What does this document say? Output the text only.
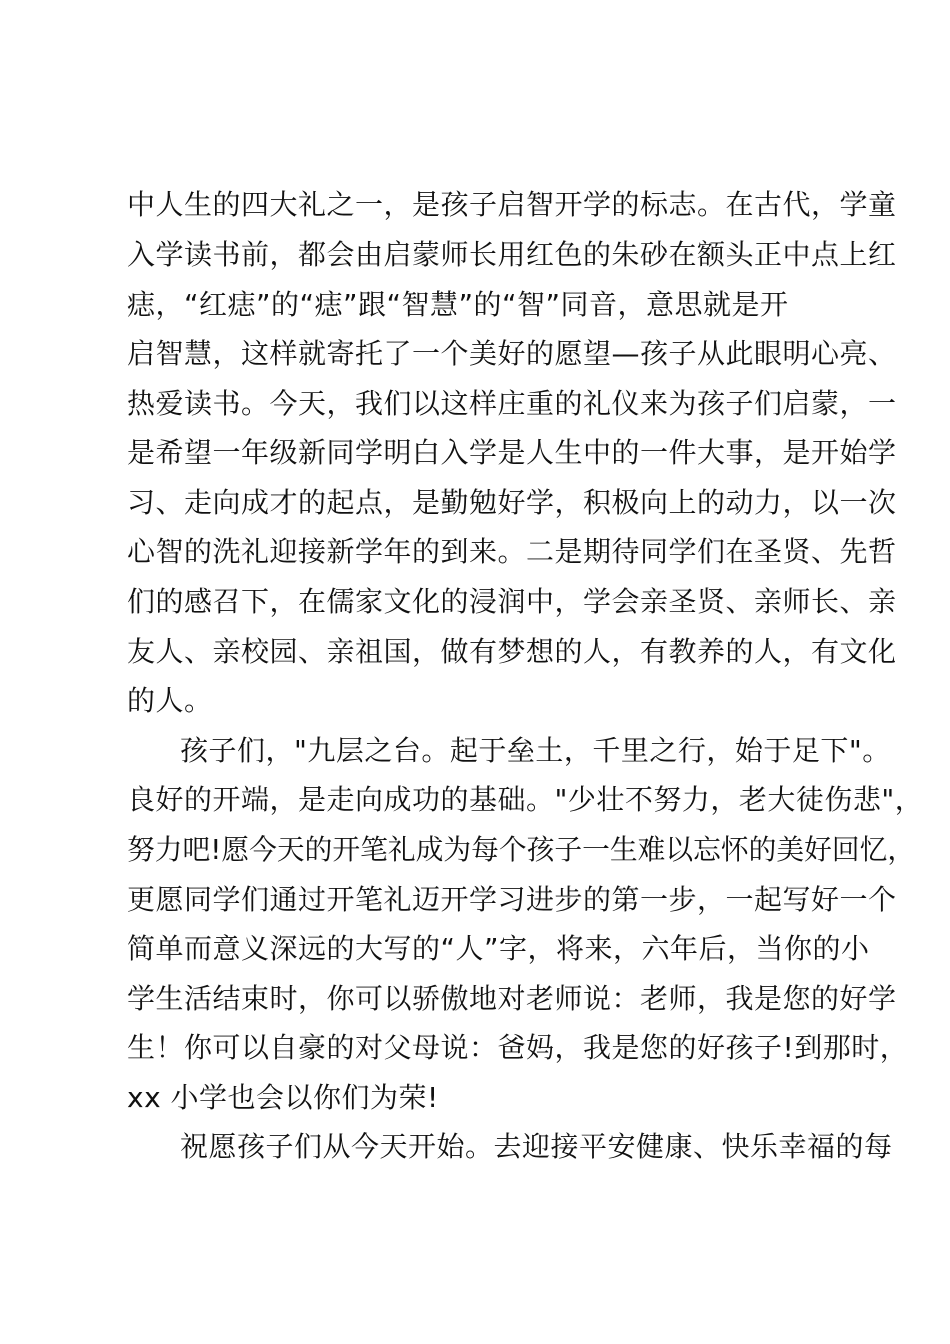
中人生的四大礼之一，是孩子启智开学的标志。在古代，学童
入学读书前，都会由启蒙师长用红色的朱砂在额头正中点上红
痣，“红痣”的“痣”跟“智慧”的“智”同音，意思就是开
启智慧，这样就寄托了一个美好的愿望—孩子从此眼明心亮、
热爱读书。今天，我们以这样庄重的礼仪来为孩子们启蒙，一
是希望一年级新同学明白入学是人生中的一件大事，是开始学
习、走向成才的起点，是勤勉好学，积极向上的动力，以一次
心智的洗礼迎接新学年的到来。二是期待同学们在圣贤、先哲
们的感召下，在儒家文化的浸润中，学会亲圣贤、亲师长、亲
友人、亲校园、亲祖国，做有梦想的人，有教养的人，有文化
的人。
孩子们，"九层之台。起于垒土，千里之行，始于足下"。
良好的开端，是走向成功的基础。"少壮不努力，老大徒伤悲"，
努力吧!愿今天的开笔礼成为每个孩子一生难以忘怀的美好回忆，
更愿同学们通过开笔礼迈开学习进步的第一步，一起写好一个
简单而意义深远的大写的“人”字，将来，六年后，当你的小
学生活结束时，你可以骄傲地对老师说：老师，我是您的好学
生！你可以自豪的对父母说：爸妈，我是您的好孩子!到那时，
xx 小学也会以你们为荣!
祝愿孩子们从今天开始。去迎接平安健康、快乐幸福的每
